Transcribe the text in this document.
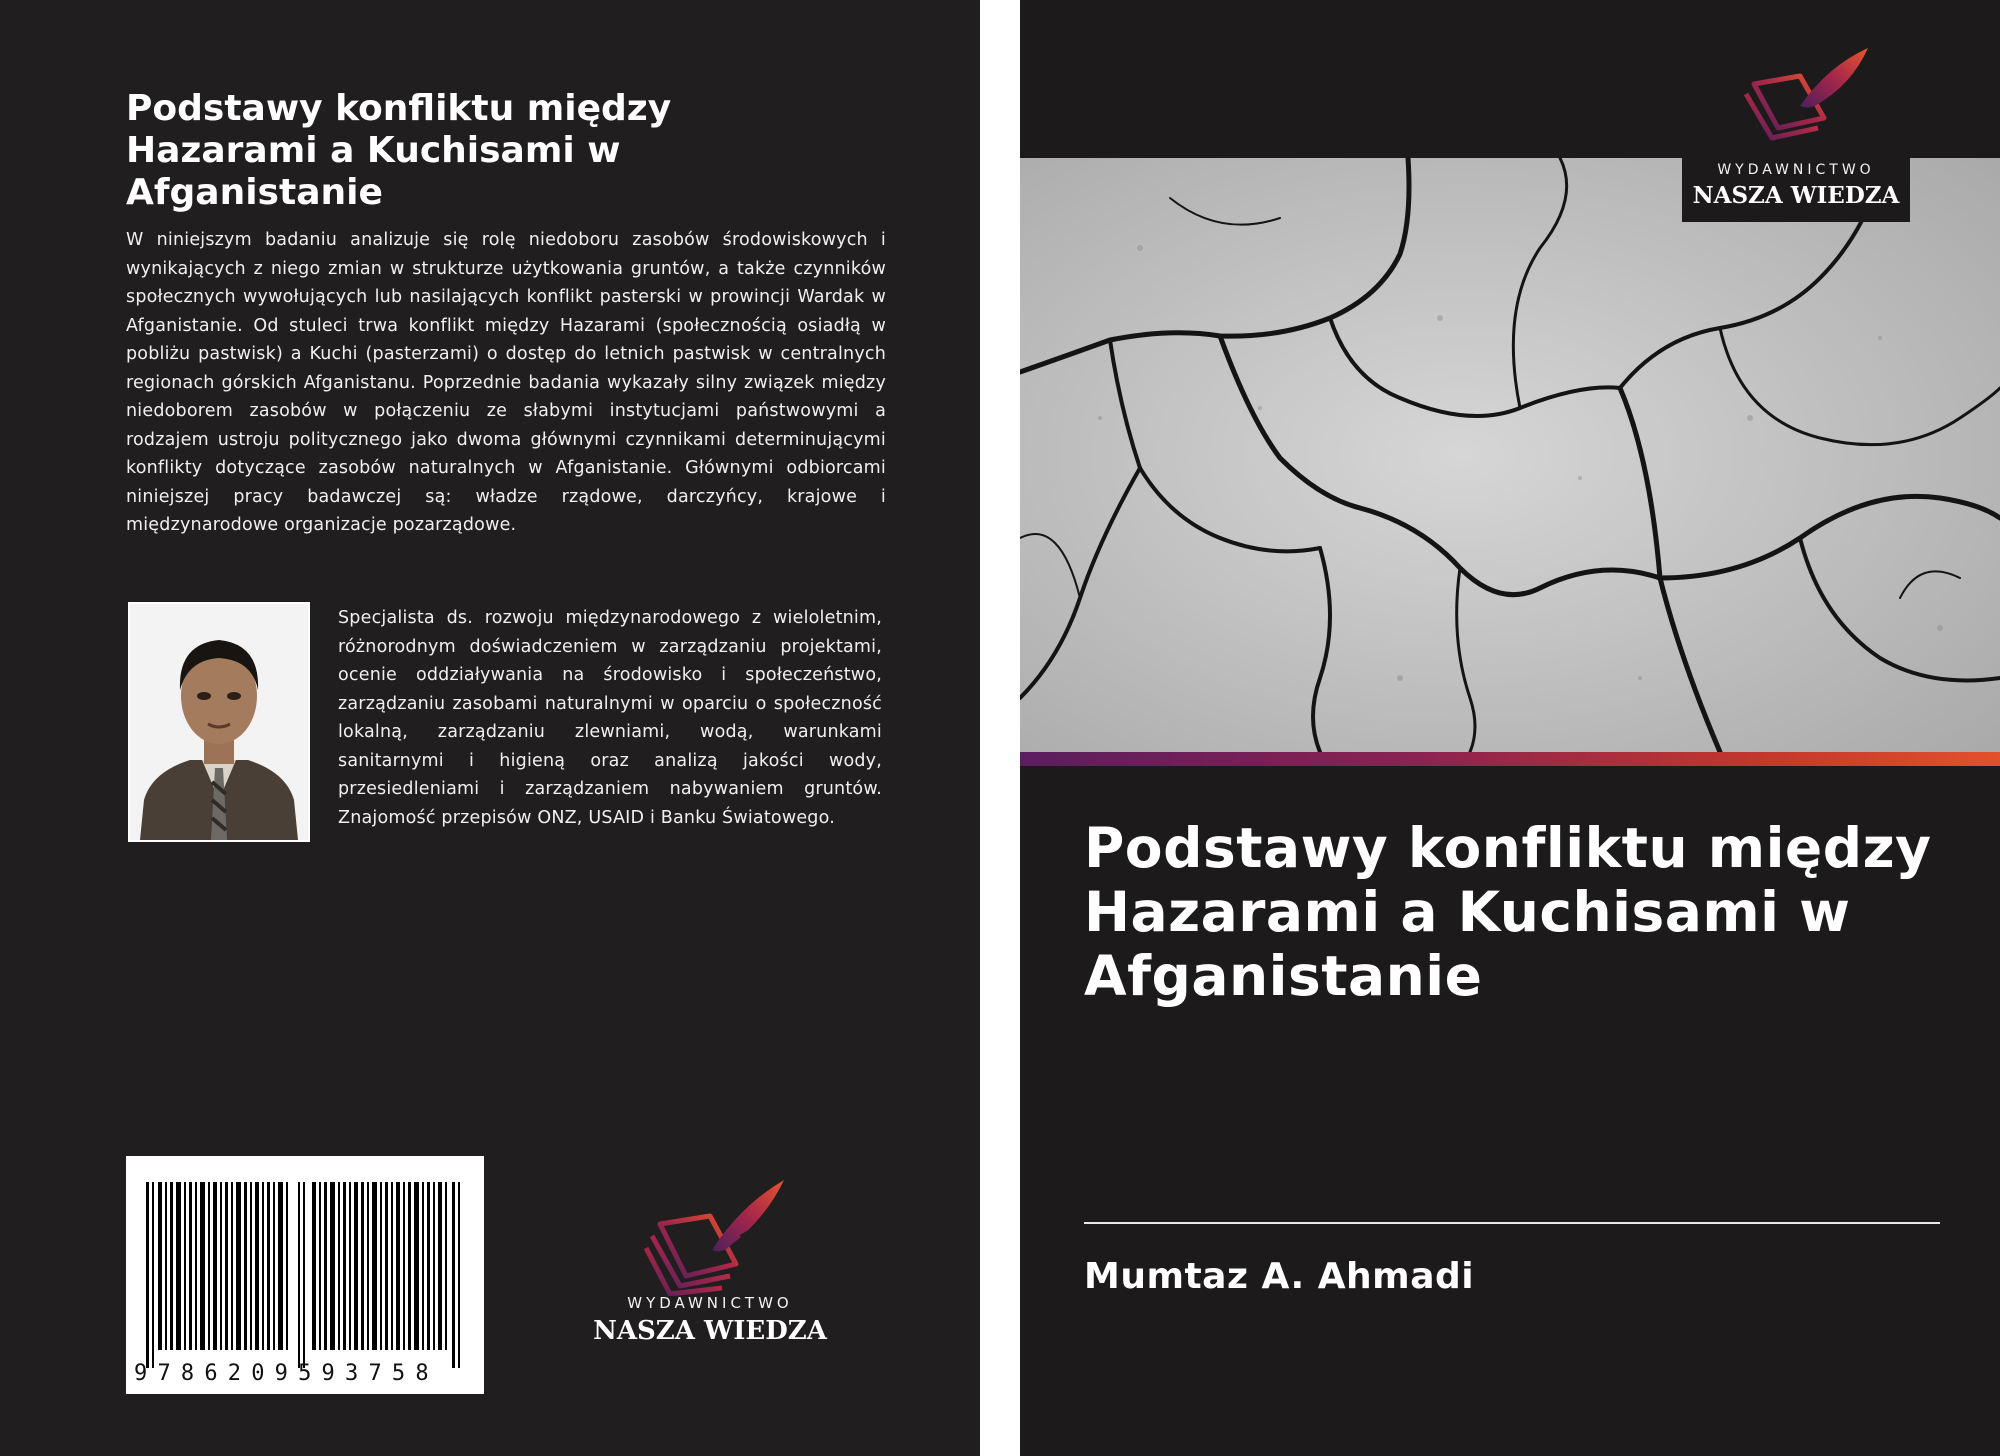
Podstawy konfliktu między Hazarami a Kuchisami w Afganistanie

W niniejszym badaniu analizuje się rolę niedoboru zasobów środowiskowych i wynikających z niego zmian w strukturze użytkowania gruntów, a także czynników społecznych wywołujących lub nasilających konflikt pasterski w prowincji Wardak w Afganistanie. Od stuleci trwa konflikt między Hazarami (społecznością osiadłą w pobliżu pastwisk) a Kuchi (pasterzami) o dostęp do letnich pastwisk w centralnych regionach górskich Afganistanu. Poprzednie badania wykazały silny związek między niedoborem zasobów w połączeniu ze słabymi instytucjami państwowymi a rodzajem ustroju politycznego jako dwoma głównymi czynnikami determinującymi konflikty dotyczące zasobów naturalnych w Afganistanie. Głównymi odbiorcami niniejszej pracy badawczej są: władze rządowe, darczyńcy, krajowe i międzynarodowe organizacje pozarządowe.

Specjalista ds. rozwoju międzynarodowego z wieloletnim, różnorodnym doświadczeniem w zarządzaniu projektami, ocenie oddziaływania na środowisko i społeczeństwo, zarządzaniu zasobami naturalnymi w oparciu o społeczność lokalną, zarządzaniu zlewniami, wodą, warunkami sanitarnymi i higieną oraz analizą jakości wody, przesiedleniami i zarządzaniem nabywaniem gruntów. Znajomość przepisów ONZ, USAID i Banku Światowego.

9786209593758
WYDAWNICTWO
NASZA WIEDZA
WYDAWNICTWO
NASZA WIEDZA
Podstawy konfliktu między Hazarami a Kuchisami w Afganistanie

Mumtaz A. Ahmadi
